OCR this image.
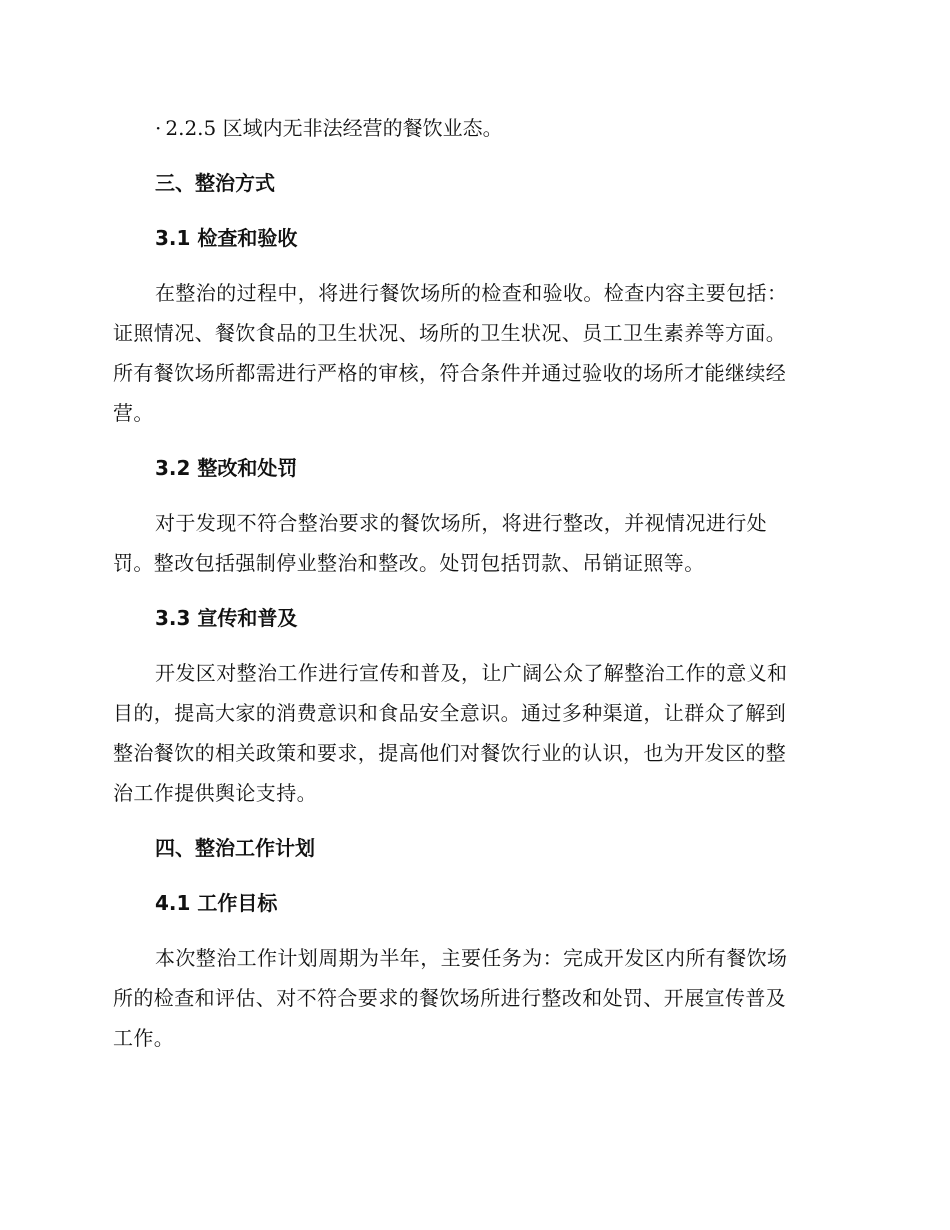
· 2.2.5 区域内无非法经营的餐饮业态。
三、整治方式
3.1 检查和验收
在整治的过程中，将进行餐饮场所的检查和验收。检查内容主要包括：
证照情况、餐饮食品的卫生状况、场所的卫生状况、员工卫生素养等方面。
所有餐饮场所都需进行严格的审核，符合条件并通过验收的场所才能继续经
营。
3.2 整改和处罚
对于发现不符合整治要求的餐饮场所，将进行整改，并视情况进行处
罚。整改包括强制停业整治和整改。处罚包括罚款、吊销证照等。
3.3 宣传和普及
开发区对整治工作进行宣传和普及，让广阔公众了解整治工作的意义和
目的，提高大家的消费意识和食品安全意识。通过多种渠道，让群众了解到
整治餐饮的相关政策和要求，提高他们对餐饮行业的认识，也为开发区的整
治工作提供舆论支持。
四、整治工作计划
4.1 工作目标
本次整治工作计划周期为半年，主要任务为：完成开发区内所有餐饮场
所的检查和评估、对不符合要求的餐饮场所进行整改和处罚、开展宣传普及
工作。
